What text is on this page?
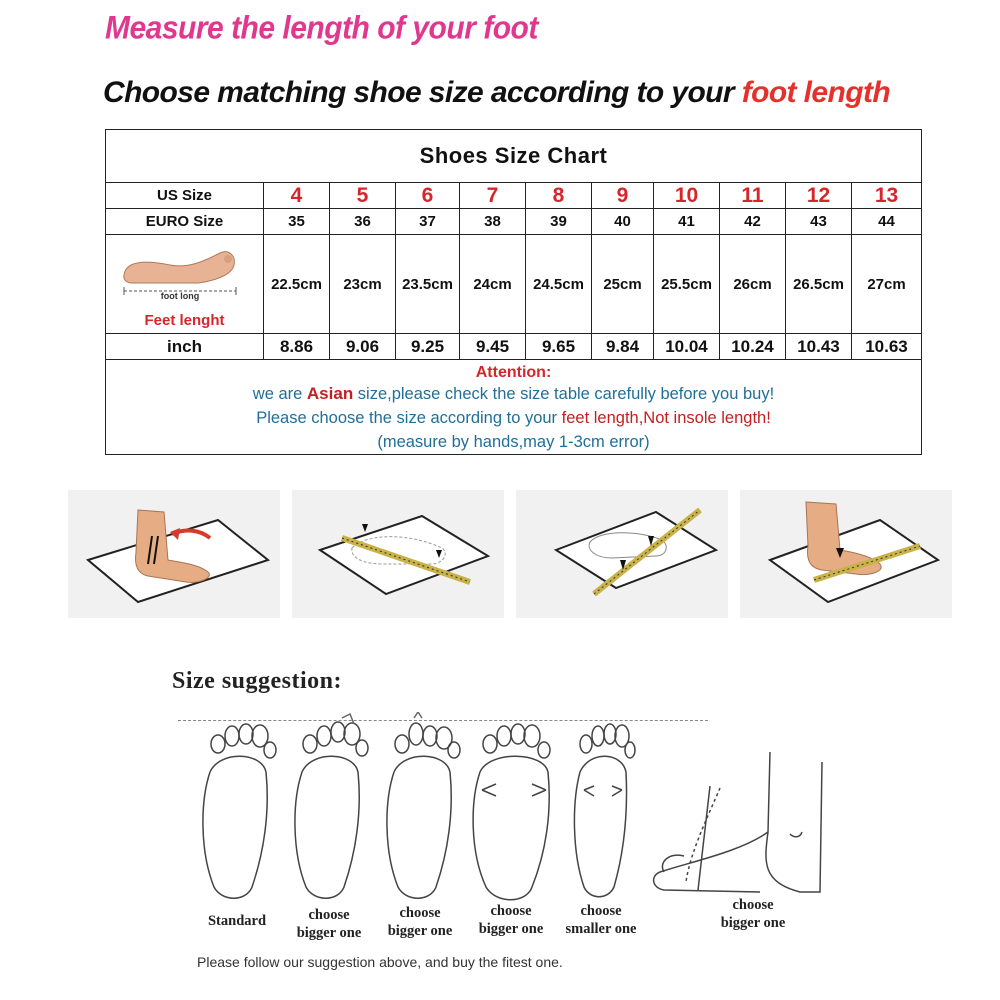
Measure the length of your foot
Choose matching shoe size according to your foot length
Shoes Size Chart										
US Size	4	5	6	7	8	9	10	11	12	13
EURO Size	35	36	37	38	39	40	41	42	43	44

foot long
Feet lenght	22.5cm	23cm	23.5cm	24cm	24.5cm	25cm	25.5cm	26cm	26.5cm	27cm
inch	8.86	9.06	9.25	9.45	9.65	9.84	10.04	10.24	10.43	10.63

Attention:
we are Asian size,please check the size table carefully before you buy!
Please choose the size according to your feet length,Not insole length!
(measure by hands,may 1-3cm error)										
Size suggestion:
Standard	choose
bigger one
choose
bigger one
choose
bigger one
choose
smaller one
choose
bigger one
Please follow our suggestion above, and buy the fitest one.
